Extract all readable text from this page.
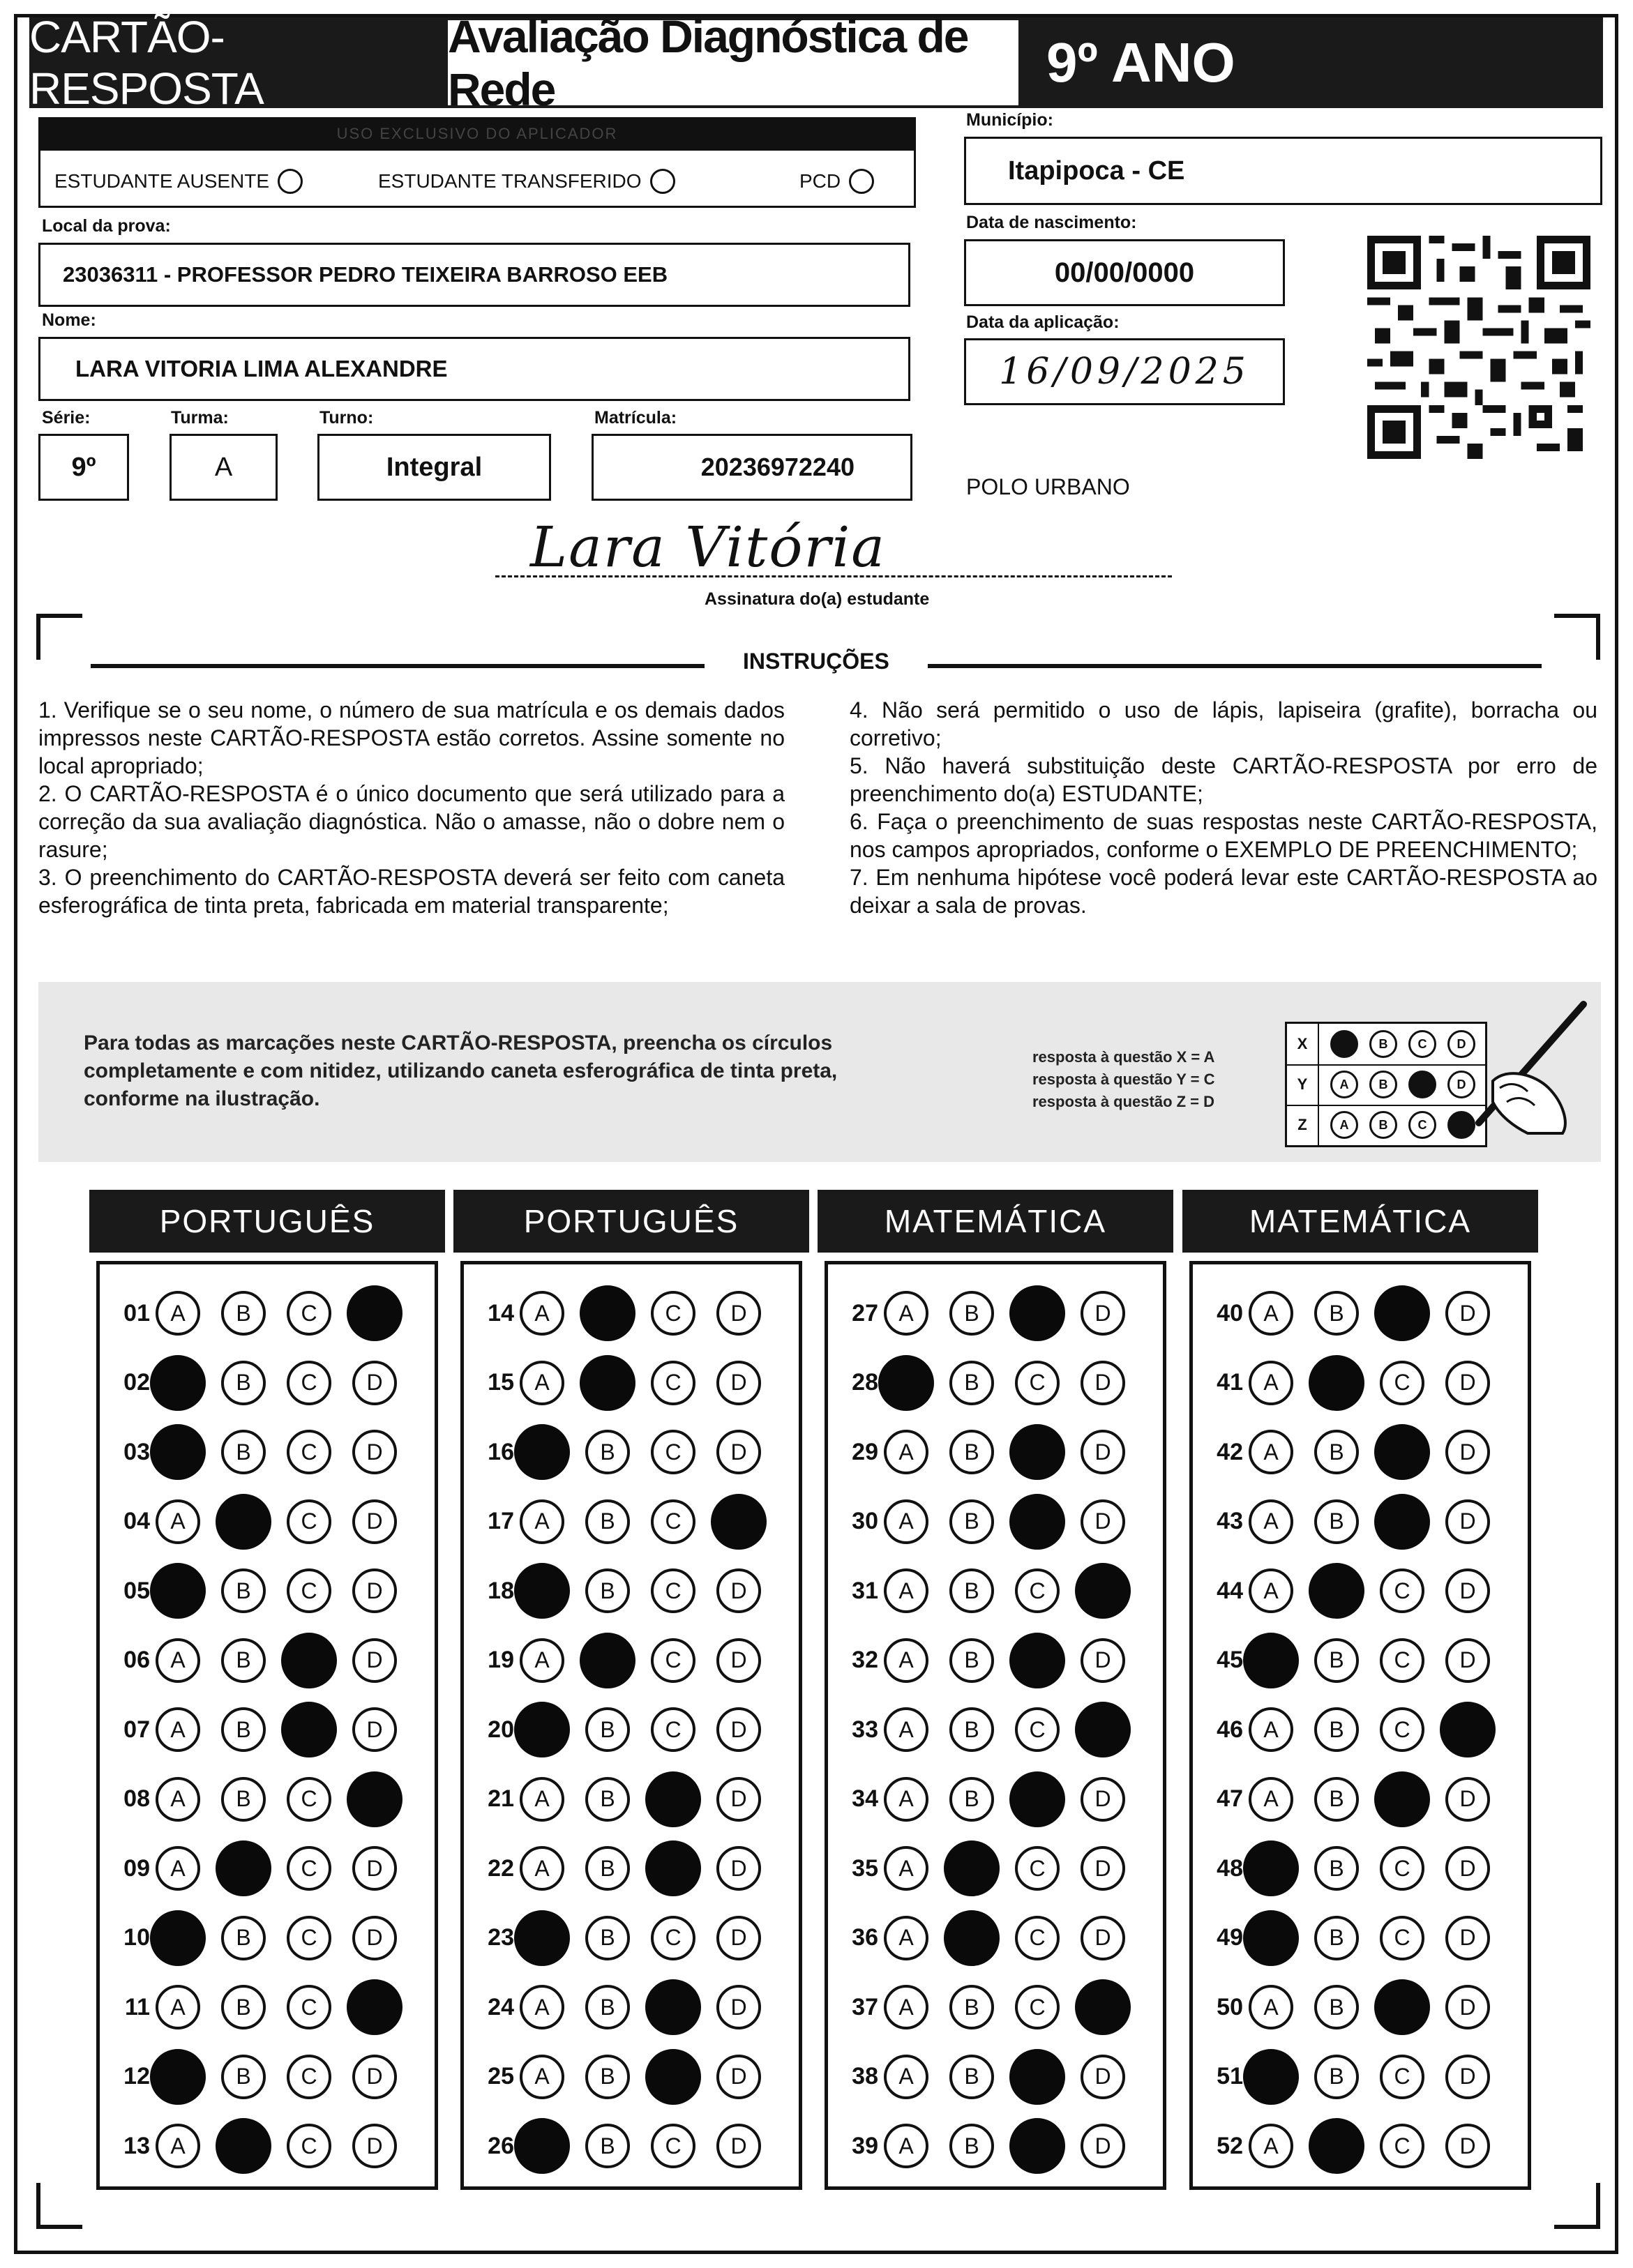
CARTÃO-RESPOSTA
Avaliação Diagnóstica de Rede	9º ANO
USO EXCLUSIVO DO APLICADOR
ESTUDANTE AUSENTE	ESTUDANTE TRANSFERIDO	PCD
Local da prova:
23036311 - PROFESSOR PEDRO TEIXEIRA BARROSO EEB
Nome:
LARA VITORIA LIMA ALEXANDRE
Série:
9º
Turma:
A
Turno:
Integral
Matrícula:
20236972240
Município:
Itapipoca - CE
Data de nascimento:
00/00/0000
Data da aplicação:
16/09/2025
POLO URBANO
Lara Vitória
Assinatura do(a) estudante
INSTRUÇÕES
1. Verifique se o seu nome, o número de sua matrícula e os demais dados impressos neste CARTÃO-RESPOSTA estão corretos. Assine somente no local apropriado;
2. O CARTÃO-RESPOSTA é o único documento que será utilizado para a correção da sua avaliação diagnóstica. Não o amasse, não o dobre nem o rasure;
3. O preenchimento do CARTÃO-RESPOSTA deverá ser feito com caneta esferográfica de tinta preta, fabricada em material transparente;
4. Não será permitido o uso de lápis, lapiseira (grafite), borracha ou corretivo;
5. Não haverá substituição deste CARTÃO-RESPOSTA por erro de preenchimento do(a) ESTUDANTE;
6. Faça o preenchimento de suas respostas neste CARTÃO-RESPOSTA, nos campos apropriados, conforme o EXEMPLO DE PREENCHIMENTO;
7. Em nenhuma hipótese você poderá levar este CARTÃO-RESPOSTA ao deixar a sala de provas.
Para todas as marcações neste CARTÃO-RESPOSTA, preencha os círculos completamente e com nitidez, utilizando caneta esferográfica de tinta preta, conforme na ilustração.
resposta à questão X = A
resposta à questão Y = C
resposta à questão Z = D
X	B	C	D
Y	A	B	D
Z	A	B	C
PORTUGUÊS
01 A	B	C
02	B	C	D
03	B	C	D
04 A	C	D
05	B	C	D
06 A	B	D
07 A	B	D
08 A	B	C
09 A	C	D
10	B	C	D
11 A	B	C
12	B	C	D
13 A	C	D
PORTUGUÊS
14 A	C	D
15 A	C	D
16	B	C	D
17 A	B	C
18	B	C	D
19 A	C	D
20	B	C	D
21 A	B	D
22 A	B	D
23	B	C	D
24 A	B	D
25 A	B	D
26	B	C	D
MATEMÁTICA
27 A	B	D
28	B	C	D
29 A	B	D
30 A	B	D
31 A	B	C
32 A	B	D
33 A	B	C
34 A	B	D
35 A	C	D
36 A	C	D
37 A	B	C
38 A	B	D
39 A	B	D
MATEMÁTICA
40 A	B	D
41 A	C	D
42 A	B	D
43 A	B	D
44 A	C	D
45	B	C	D
46 A	B	C
47 A	B	D
48	B	C	D
49	B	C	D
50 A	B	D
51	B	C	D
52 A	C	D
